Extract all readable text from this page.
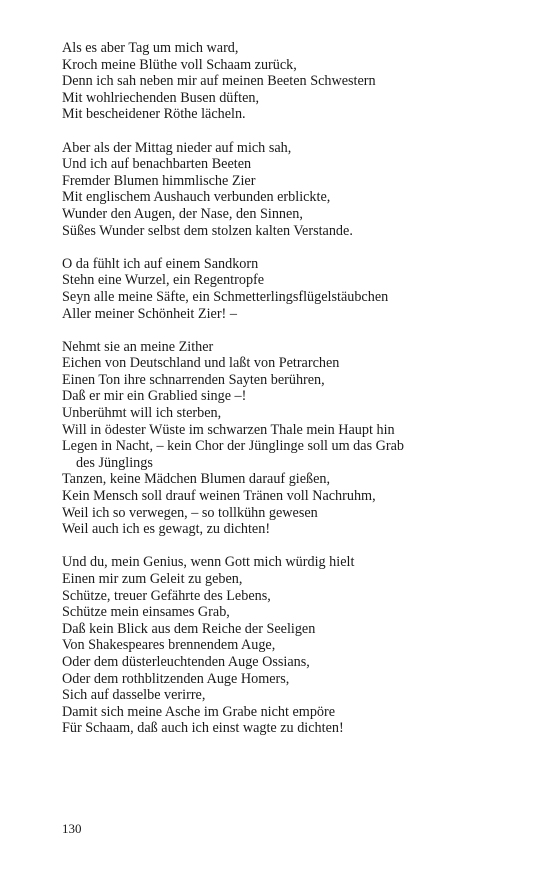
Als es aber Tag um mich ward,
Kroch meine Blüthe voll Schaam zurück,
Denn ich sah neben mir auf meinen Beeten Schwestern
Mit wohlriechenden Busen düften,
Mit bescheidener Röthe lächeln.
Aber als der Mittag nieder auf mich sah,
Und ich auf benachbarten Beeten
Fremder Blumen himmlische Zier
Mit englischem Aushauch verbunden erblickte,
Wunder den Augen, der Nase, den Sinnen,
Süßes Wunder selbst dem stolzen kalten Verstande.
O da fühlt ich auf einem Sandkorn
Stehn eine Wurzel, ein Regentropfe
Seyn alle meine Säfte, ein Schmetterlingsflügelstäubchen
Aller meiner Schönheit Zier! –
Nehmt sie an meine Zither
Eichen von Deutschland und laßt von Petrarchen
Einen Ton ihre schnarrenden Sayten berühren,
Daß er mir ein Grablied singe –!
Unberühmt will ich sterben,
Will in ödester Wüste im schwarzen Thale mein Haupt hin
Legen in Nacht, – kein Chor der Jünglinge soll um das Grab
des Jünglings
Tanzen, keine Mädchen Blumen darauf gießen,
Kein Mensch soll drauf weinen Tränen voll Nachruhm,
Weil ich so verwegen, – so tollkühn gewesen
Weil auch ich es gewagt, zu dichten!
Und du, mein Genius, wenn Gott mich würdig hielt
Einen mir zum Geleit zu geben,
Schütze, treuer Gefährte des Lebens,
Schütze mein einsames Grab,
Daß kein Blick aus dem Reiche der Seeligen
Von Shakespeares brennendem Auge,
Oder dem düsterleuchtenden Auge Ossians,
Oder dem rothblitzenden Auge Homers,
Sich auf dasselbe verirre,
Damit sich meine Asche im Grabe nicht empöre
Für Schaam, daß auch ich einst wagte zu dichten!
130
